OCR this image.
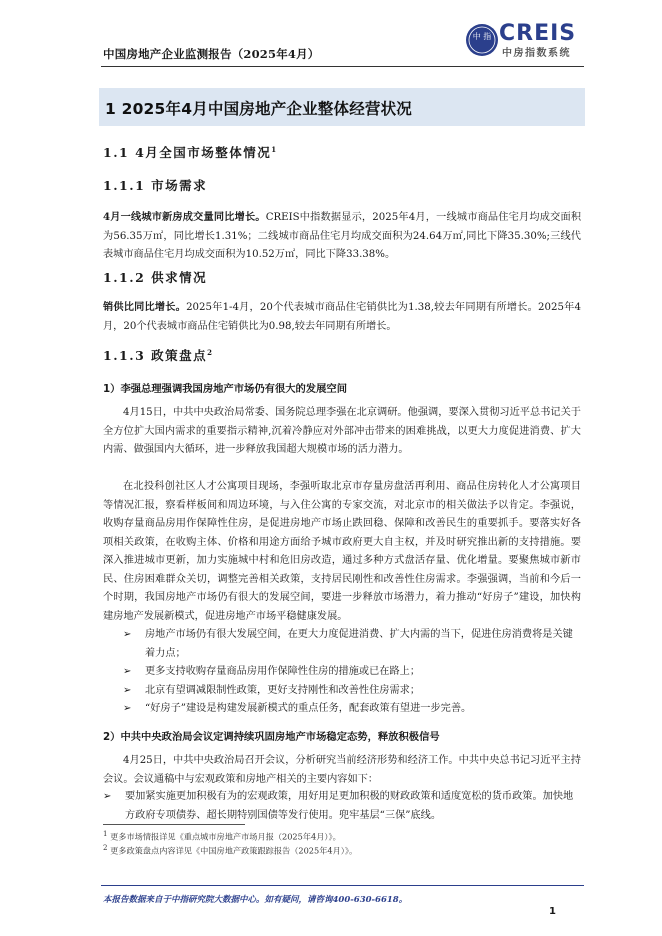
中国房地产企业监测报告（2025年4月）
中 指 CREIS
中房指数系统
1 2025年4月中国房地产企业整体经营状况
1.1 4月全国市场整体情况$^1$
1.1.1 市场需求
4月一线城市新房成交量同比增长。CREIS中指数据显示，2025年4月，一线城市商品住宅月均成交面积为56.35万㎡，同比增长1.31%；二线城市商品住宅月均成交面积为24.64万㎡,同比下降35.30%;三线代表城市商品住宅月均成交面积为10.52万㎡，同比下降33.38%。
1.1.2 供求情况
销供比同比增长。2025年1-4月，20个代表城市商品住宅销供比为1.38,较去年同期有所增长。2025年4月，20个代表城市商品住宅销供比为0.98,较去年同期有所增长。
1.1.3 政策盘点$^2$
1）李强总理强调我国房地产市场仍有很大的发展空间
4月15日，中共中央政治局常委、国务院总理李强在北京调研。他强调，要深入贯彻习近平总书记关于全方位扩大国内需求的重要指示精神,沉着冷静应对外部冲击带来的困难挑战，以更大力度促进消费、扩大内需、做强国内大循环，进一步释放我国超大规模市场的活力潜力。
在北投科创社区人才公寓项目现场，李强听取北京市存量房盘活再利用、商品住房转化人才公寓项目等情况汇报，察看样板间和周边环境，与入住公寓的专家交流，对北京市的相关做法予以肯定。李强说，收购存量商品房用作保障性住房，是促进房地产市场止跌回稳、保障和改善民生的重要抓手。要落实好各项相关政策，在收购主体、价格和用途方面给予城市政府更大自主权，并及时研究推出新的支持措施。要深入推进城市更新，加力实施城中村和危旧房改造，通过多种方式盘活存量、优化增量。要聚焦城市新市民、住房困难群众关切，调整完善相关政策，支持居民刚性和改善性住房需求。李强强调，当前和今后一个时期，我国房地产市场仍有很大的发展空间，要进一步释放市场潜力，着力推动“好房子”建设，加快构建房地产发展新模式，促进房地产市场平稳健康发展。
➢	房地产市场仍有很大发展空间，在更大力度促进消费、扩大内需的当下，促进住房消费将是关键着力点；
➢	更多支持收购存量商品房用作保障性住房的措施或已在路上；
➢	北京有望调减限制性政策，更好支持刚性和改善性住房需求；
➢	“好房子”建设是构建发展新模式的重点任务，配套政策有望进一步完善。
2）中共中央政治局会议定调持续巩固房地产市场稳定态势，释放积极信号
4月25日，中共中央政治局召开会议，分析研究当前经济形势和经济工作。中共中央总书记习近平主持会议。会议通稿中与宏观政策和房地产相关的主要内容如下：
➢	要加紧实施更加积极有为的宏观政策，用好用足更加积极的财政政策和适度宽松的货币政策。加快地方政府专项债券、超长期特别国债等发行使用。兜牢基层“三保”底线。
1 更多市场情报详见《重点城市房地产市场月报（2025年4月）》。
2 更多政策盘点内容详见《中国房地产政策跟踪报告（2025年4月）》。
本报告数据来自于中指研究院大数据中心。如有疑问，请咨询400-630-6618。
1
